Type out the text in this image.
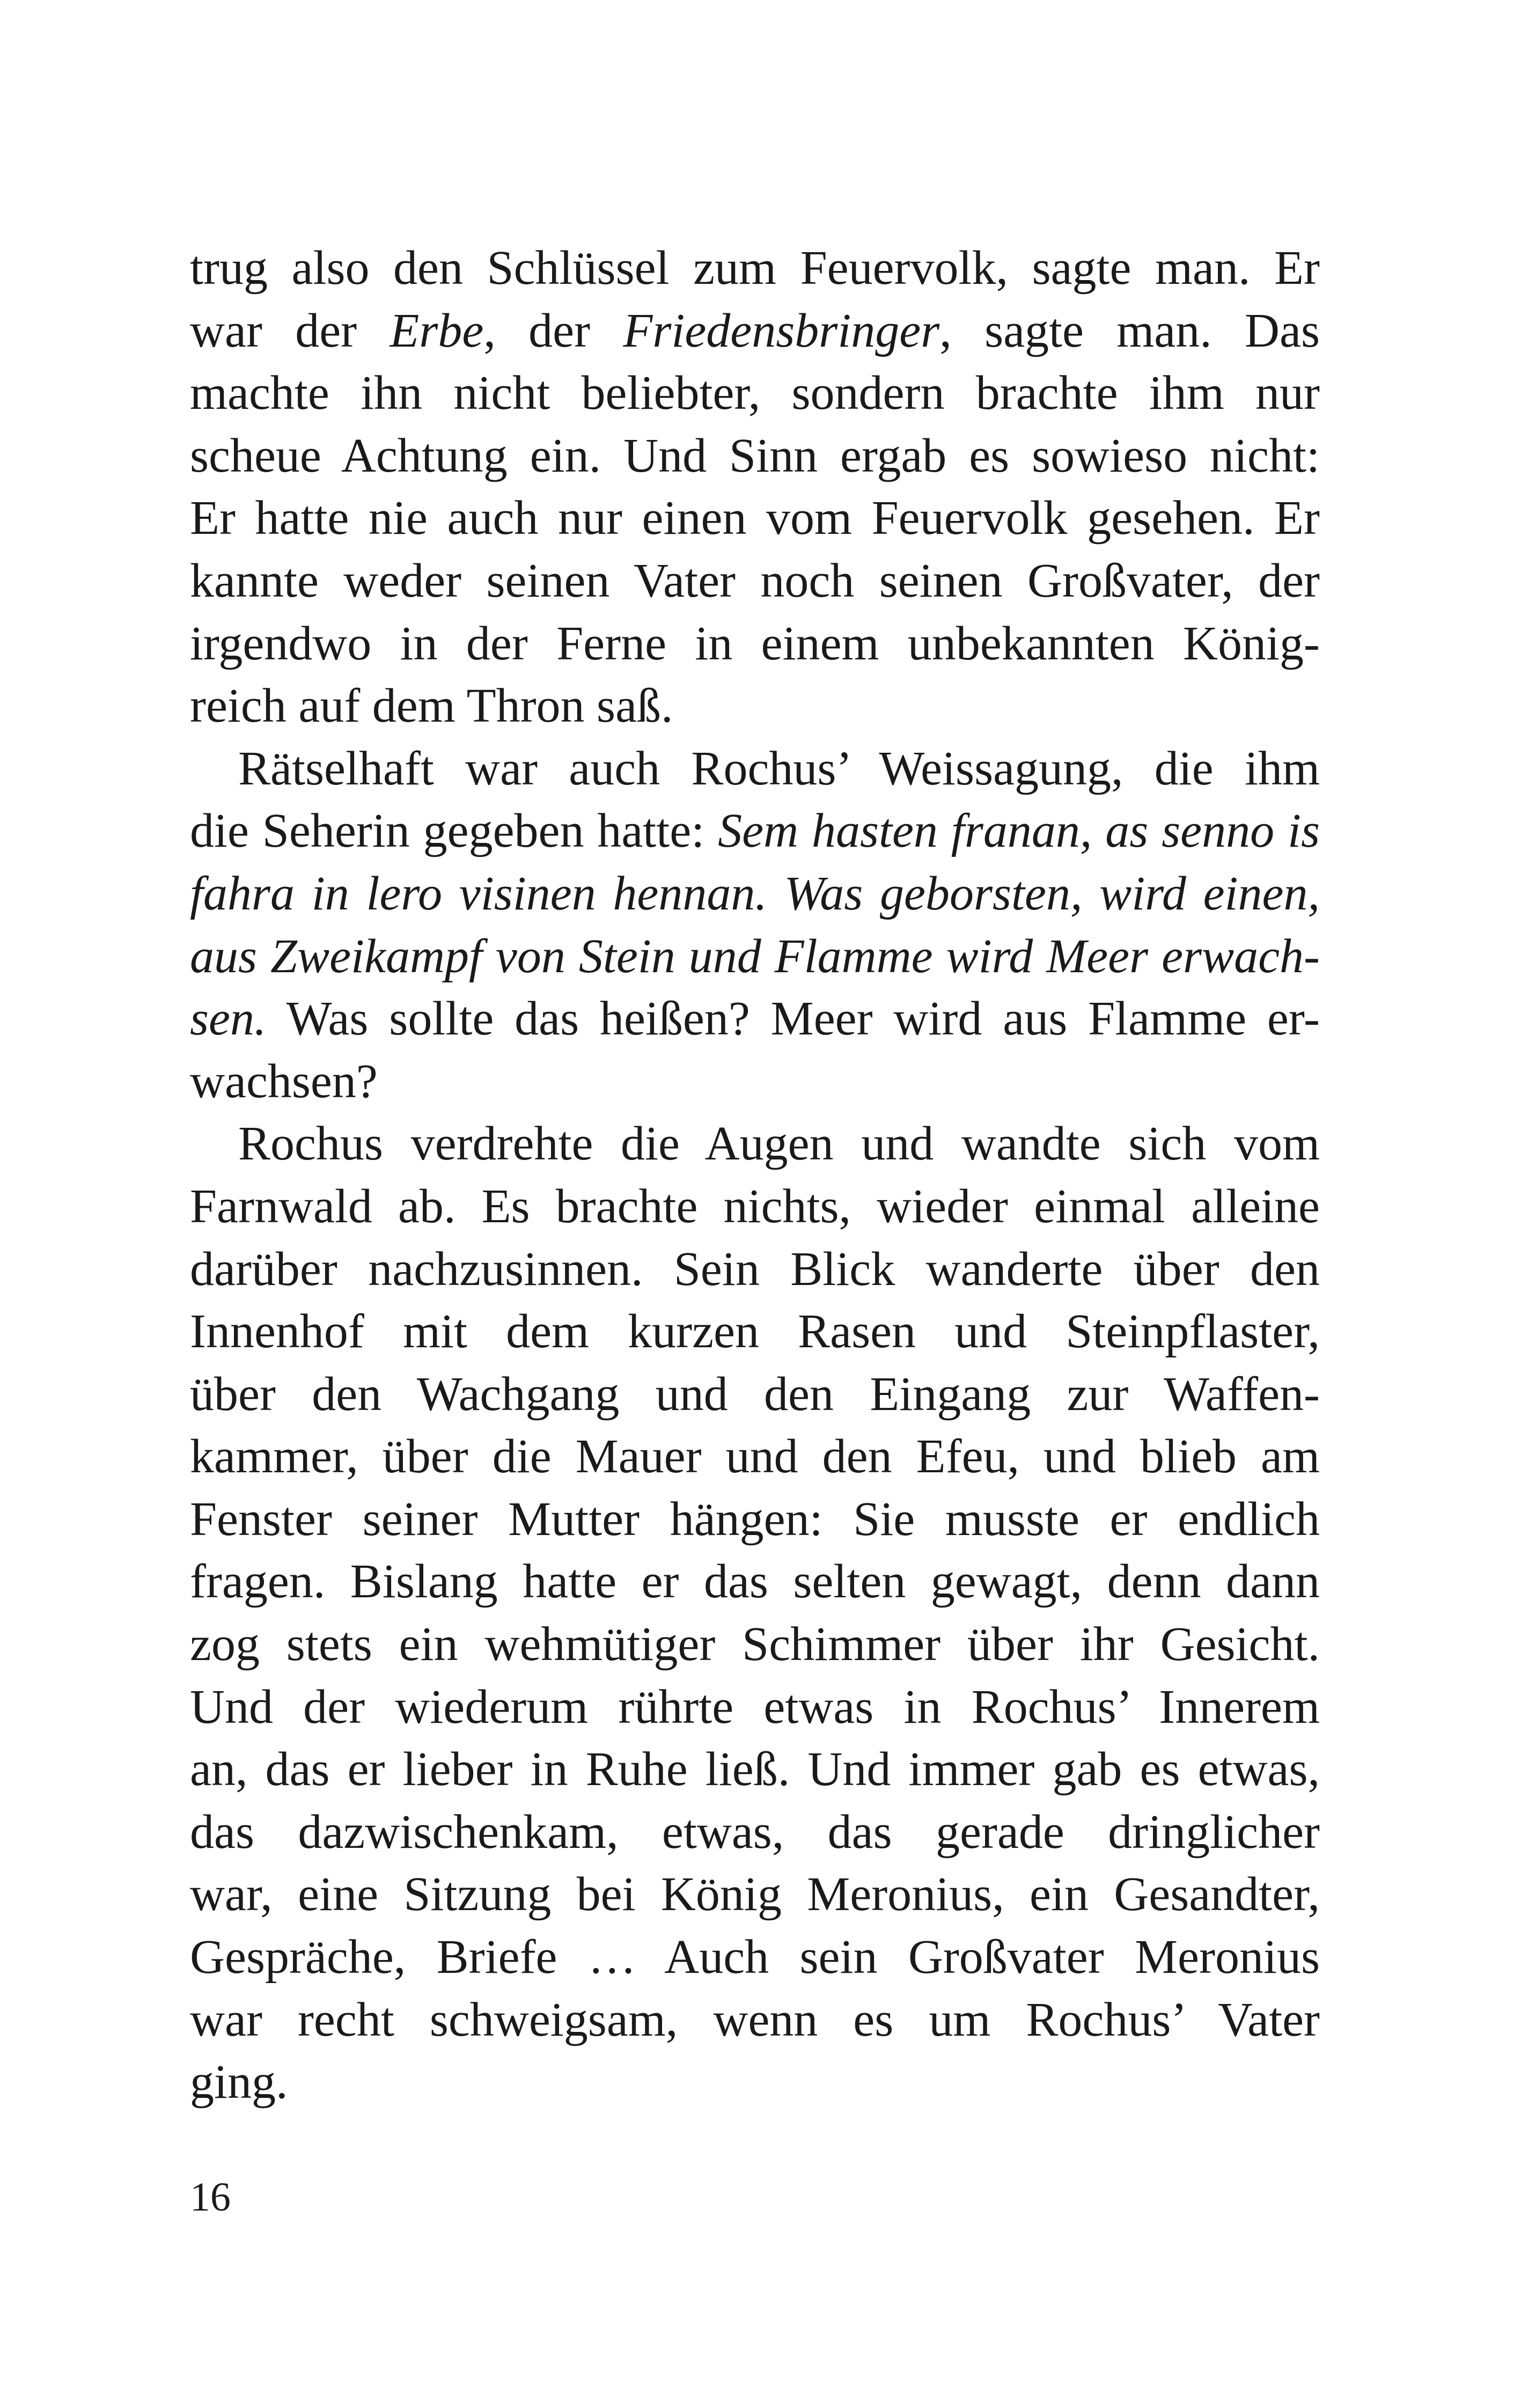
trug also den Schlüssel zum Feuervolk, sagte man. Er
war der Erbe, der Friedensbringer, sagte man. Das
machte ihn nicht beliebter, sondern brachte ihm nur
scheue Achtung ein. Und Sinn ergab es sowieso nicht:
Er hatte nie auch nur einen vom Feuervolk gesehen. Er
kannte weder seinen Vater noch seinen Großvater, der
irgendwo in der Ferne in einem unbekannten König-
reich auf dem Thron saß.
Rätselhaft war auch Rochus’ Weissagung, die ihm
die Seherin gegeben hatte: Sem hasten franan, as senno is
fahra in lero visinen hennan. Was geborsten, wird einen,
aus Zweikampf von Stein und Flamme wird Meer erwach-
sen. Was sollte das heißen? Meer wird aus Flamme er-
wachsen?
Rochus verdrehte die Augen und wandte sich vom
Farnwald ab. Es brachte nichts, wieder einmal alleine
darüber nachzusinnen. Sein Blick wanderte über den
Innenhof mit dem kurzen Rasen und Steinpflaster,
über den Wachgang und den Eingang zur Waffen-
kammer, über die Mauer und den Efeu, und blieb am
Fenster seiner Mutter hängen: Sie musste er endlich
fragen. Bislang hatte er das selten gewagt, denn dann
zog stets ein wehmütiger Schimmer über ihr Gesicht.
Und der wiederum rührte etwas in Rochus’ Innerem
an, das er lieber in Ruhe ließ. Und immer gab es etwas,
das dazwischenkam, etwas, das gerade dringlicher
war, eine Sitzung bei König Meronius, ein Gesandter,
Gespräche, Briefe … Auch sein Großvater Meronius
war recht schweigsam, wenn es um Rochus’ Vater
ging.
16
